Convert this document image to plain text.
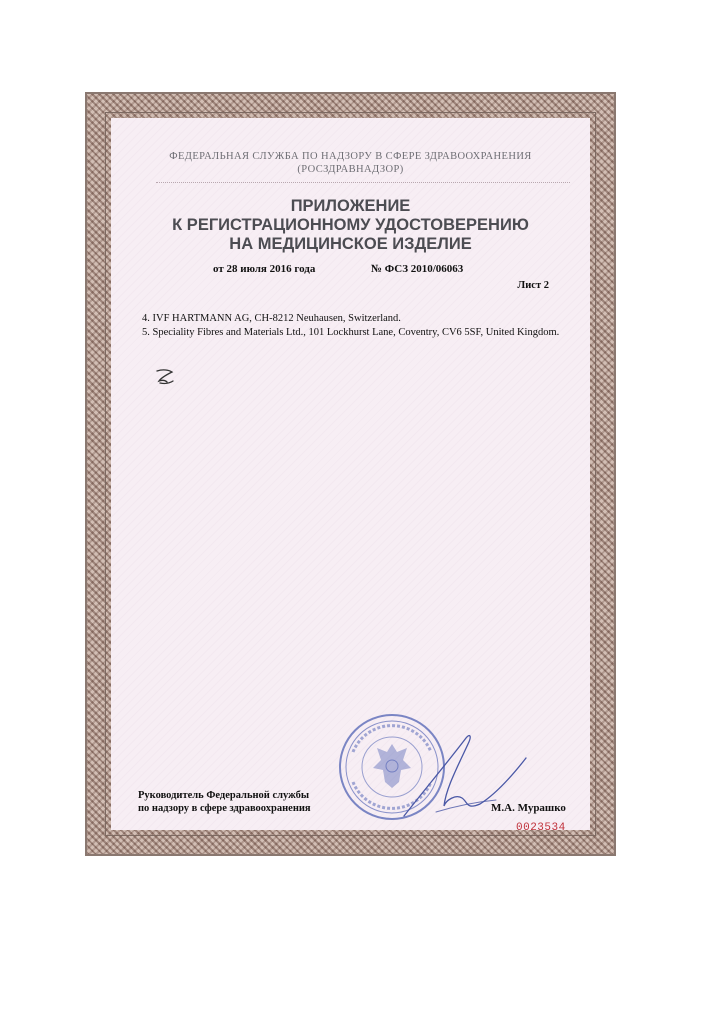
ФЕДЕРАЛЬНАЯ СЛУЖБА ПО НАДЗОРУ В СФЕРЕ ЗДРАВООХРАНЕНИЯ
(РОСЗДРАВНАДЗОР)
ПРИЛОЖЕНИЕ
К РЕГИСТРАЦИОННОМУ УДОСТОВЕРЕНИЮ
НА МЕДИЦИНСКОЕ ИЗДЕЛИЕ
от 28 июля 2016 года	№ ФСЗ 2010/06063
Лист 2
4. IVF HARTMANN AG, CH-8212 Neuhausen, Switzerland.
5. Speciality Fibres and Materials Ltd., 101 Lockhurst Lane, Coventry, CV6 5SF, United Kingdom.
Руководитель Федеральной службы
по надзору в сфере здравоохранения	М.А. Мурашко
0023534
